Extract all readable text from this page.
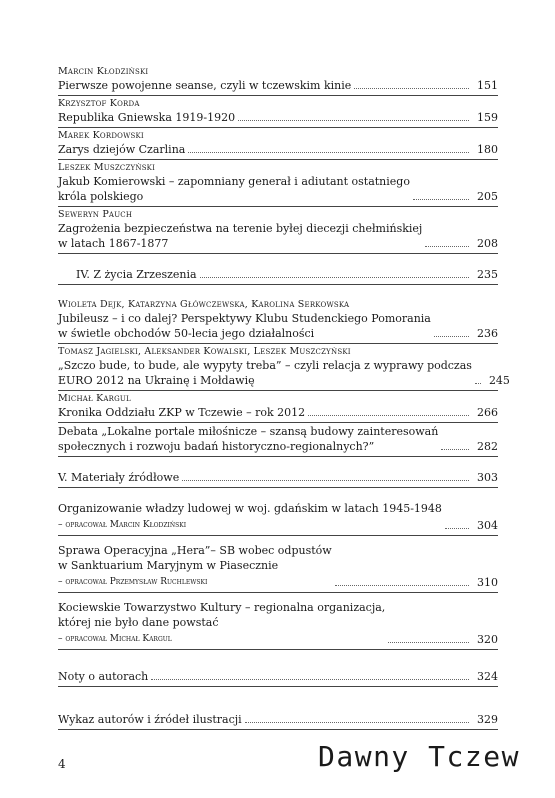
Marcin Kłodziński
Pierwsze powojenne seanse, czyli w tczewskim kinie	151
Krzysztof Korda
Republika Gniewska 1919-1920	159
Marek Kordowski
Zarys dziejów Czarlina	180
Leszek Muszczyński
Jakub Komierowski – zapomniany generał i adiutant ostatniego
króla polskiego	205
Seweryn Pauch
Zagrożenia bezpieczeństwa na terenie byłej diecezji chełmińskiej
w latach 1867-1877	208
IV. Z życia Zrzeszenia	235
Wioleta Dejk, Katarzyna Główczewska, Karolina Serkowska
Jubileusz – i co dalej? Perspektywy Klubu Studenckiego Pomorania
w świetle obchodów 50-lecia jego działalności	236
Tomasz Jagielski, Aleksander Kowalski, Leszek Muszczyński
„Szczo bude, to bude, ale wypyty treba” – czyli relacja z wyprawy podczas
EURO 2012 na Ukrainę i Mołdawię	245
Michał Kargul
Kronika Oddziału ZKP w Tczewie – rok 2012	266
Debata „Lokalne portale miłośnicze – szansą budowy zainteresowań
społecznych i rozwoju badań historyczno-regionalnych?”	282
V. Materiały źródłowe	303
Organizowanie władzy ludowej w woj. gdańskim w latach 1945-1948
– opracował Marcin Kłodziński	304
Sprawa Operacyjna „Hera”– SB wobec odpustów
w Sanktuarium Maryjnym w Piasecznie
– opracował Przemysław Ruchlewski	310
Kociewskie Towarzystwo Kultury – regionalna organizacja,
której nie było dane powstać
– opracował Michał Kargul	320
Noty o autorach	324
Wykaz autorów i źródeł ilustracji	329
4	Dawny Tczew
